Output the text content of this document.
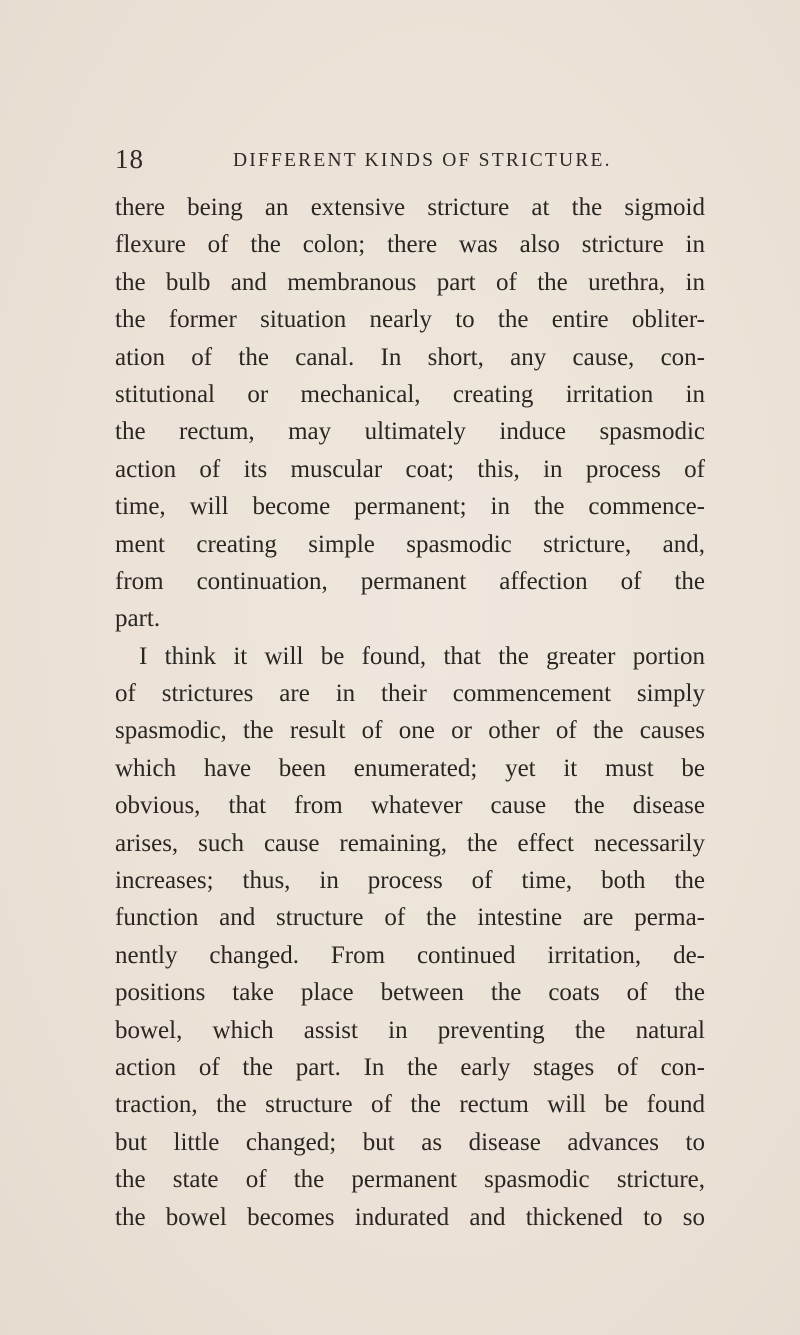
18	DIFFERENT KINDS OF STRICTURE.
there being an extensive stricture at the sigmoid
flexure of the colon; there was also stricture in
the bulb and membranous part of the urethra, in
the former situation nearly to the entire obliter-
ation of the canal. In short, any cause, con-
stitutional or mechanical, creating irritation in
the rectum, may ultimately induce spasmodic
action of its muscular coat; this, in process of
time, will become permanent; in the commence-
ment creating simple spasmodic stricture, and,
from continuation, permanent affection of the
part.
I think it will be found, that the greater portion
of strictures are in their commencement simply
spasmodic, the result of one or other of the causes
which have been enumerated; yet it must be
obvious, that from whatever cause the disease
arises, such cause remaining, the effect necessarily
increases; thus, in process of time, both the
function and structure of the intestine are perma-
nently changed. From continued irritation, de-
positions take place between the coats of the
bowel, which assist in preventing the natural
action of the part. In the early stages of con-
traction, the structure of the rectum will be found
but little changed; but as disease advances to
the state of the permanent spasmodic stricture,
the bowel becomes indurated and thickened to so
